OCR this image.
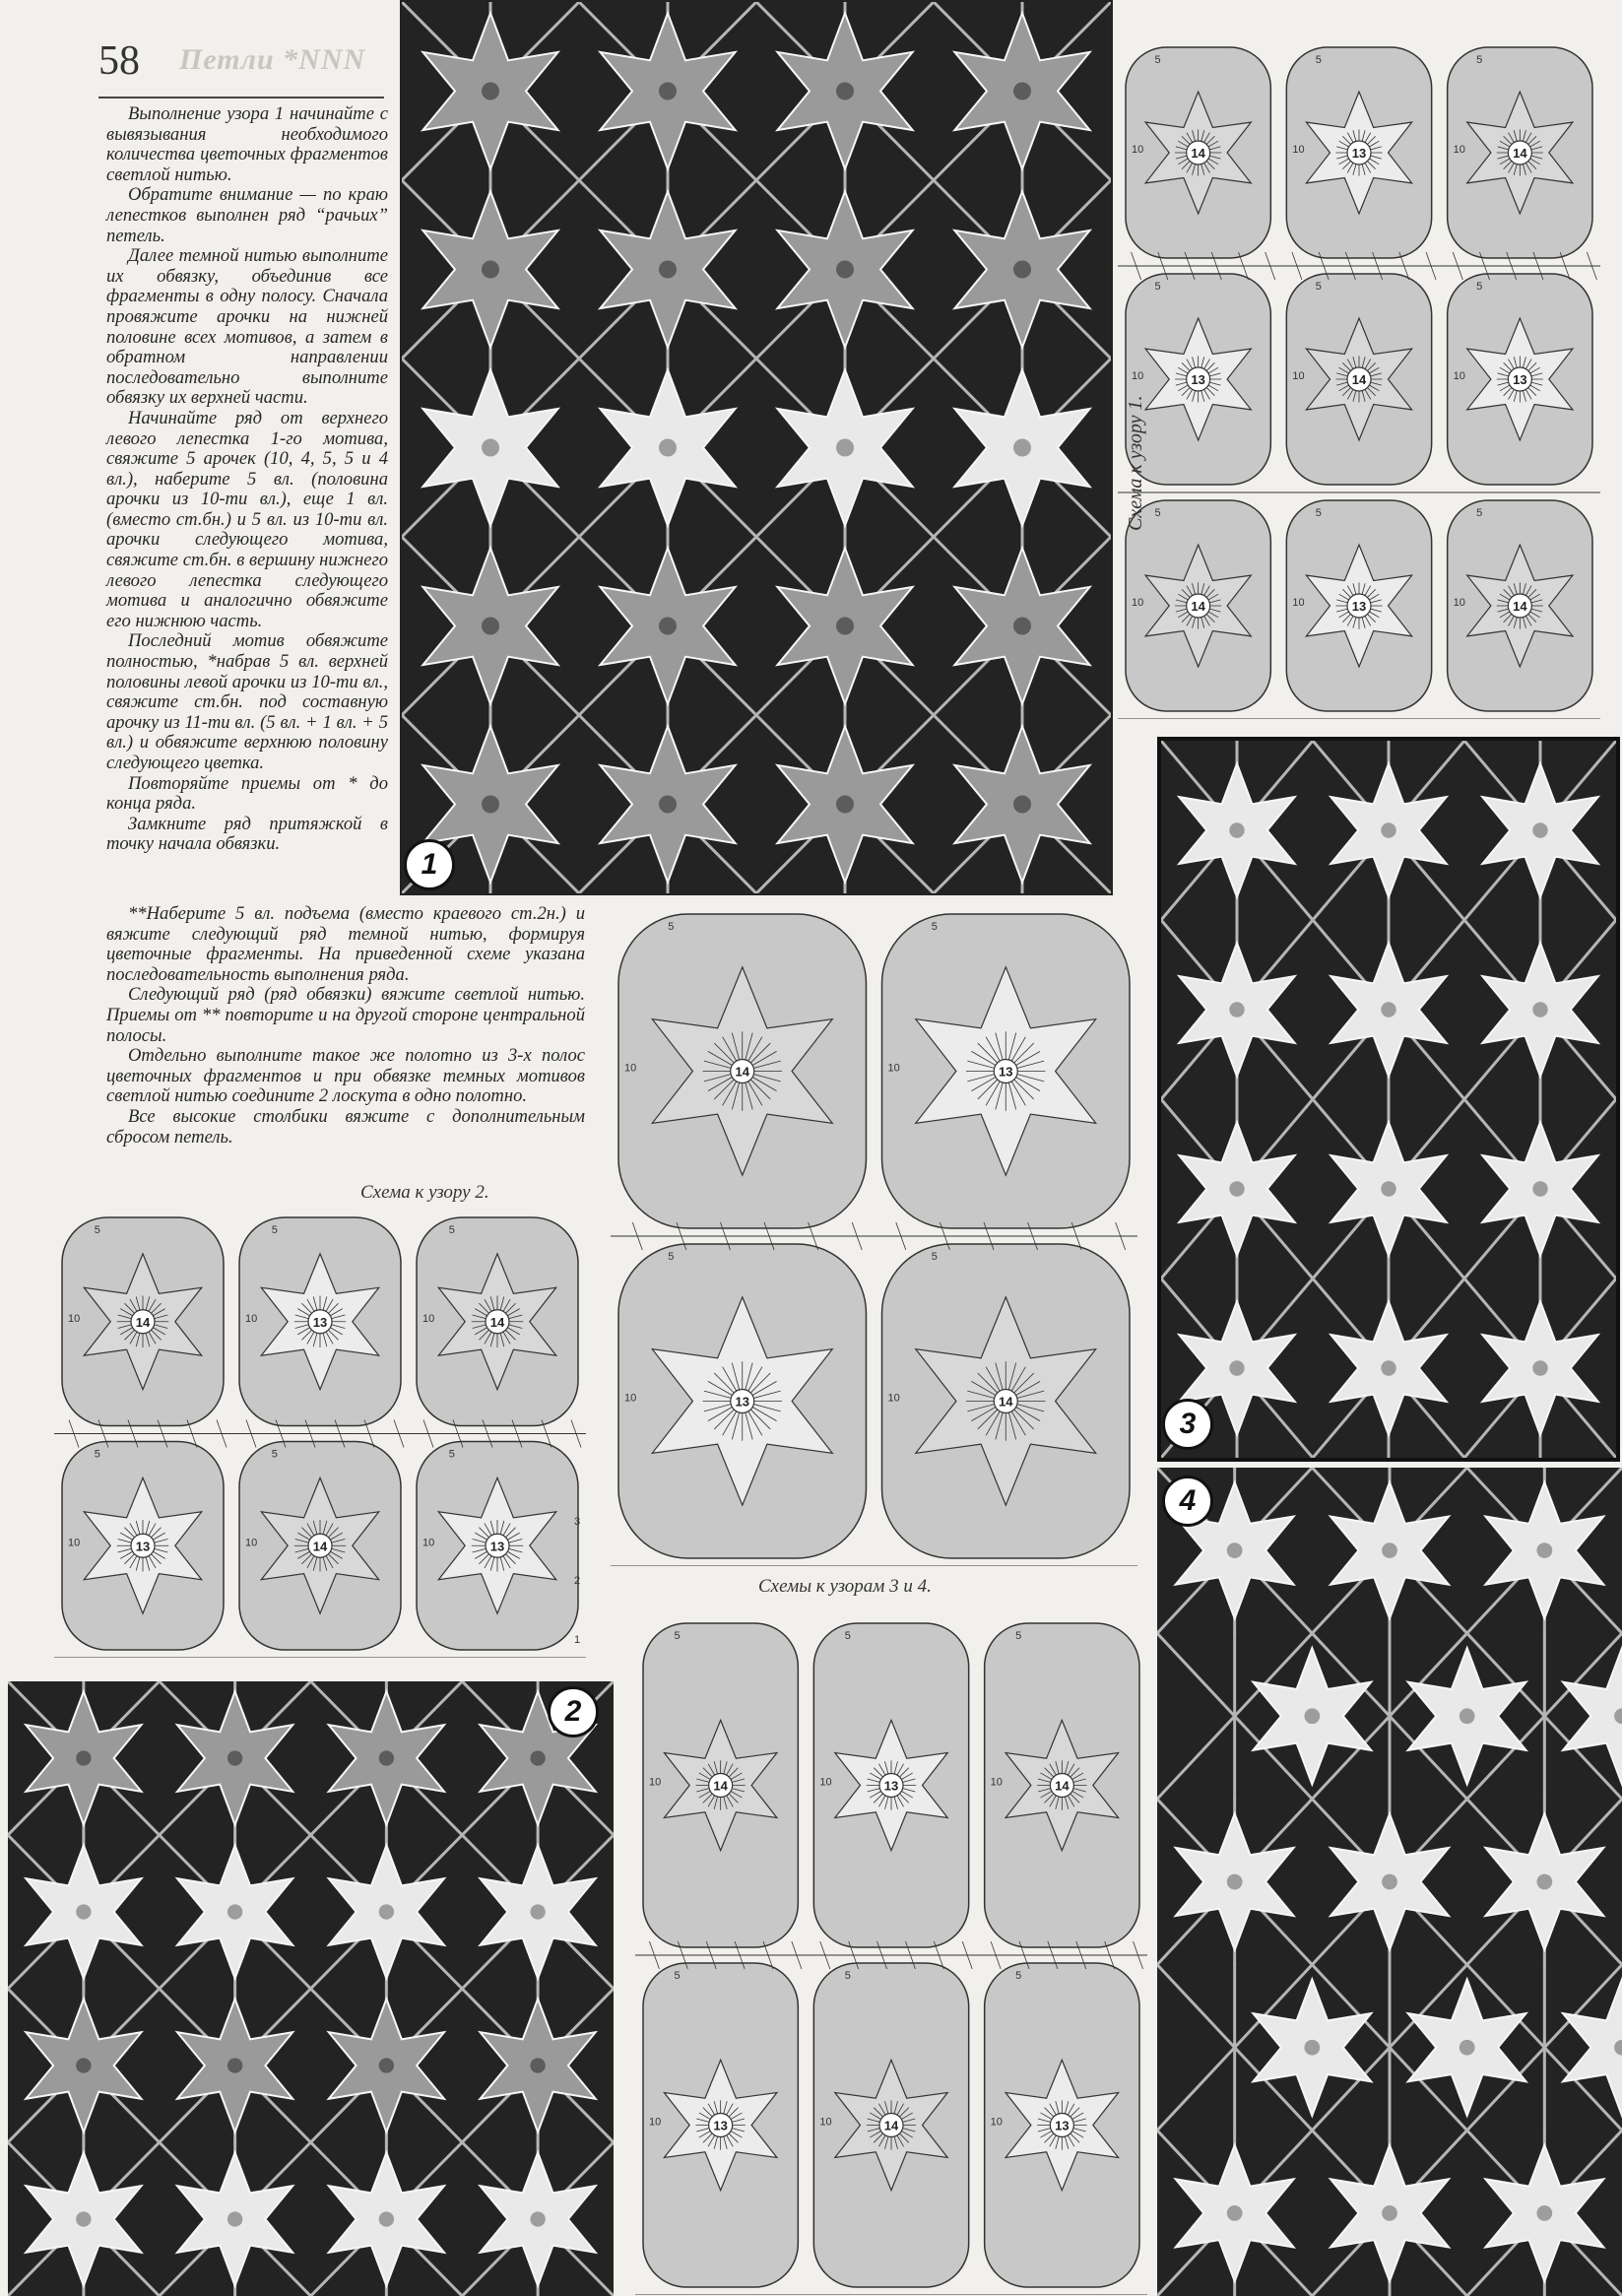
58 Петли *NNN

Выполнение узора 1 начинайте с вывязывания необходимого количества цветочных фрагментов светлой нитью.

Обратите внимание — по краю лепестков выполнен ряд “рачьих” петель.

Далее темной нитью выполните их обвязку, объединив все фрагменты в одну полосу. Сначала провяжите арочки на нижней половине всех мотивов, а затем в обратном направлении последовательно выполните обвязку их верхней части.

Начинайте ряд от верхнего левого лепестка 1-го мотива, свяжите 5 арочек (10, 4, 5, 5 и 4 вл.), наберите 5 вл. (половина арочки из 10-ти вл.), еще 1 вл. (вместо ст.бн.) и 5 вл. из 10-ти вл. арочки следующего мотива, свяжите ст.бн. в вершину нижнего левого лепестка следующего мотива и аналогично обвяжите его нижнюю часть.

Последний мотив обвяжите полностью, *набрав 5 вл. верхней половины левой арочки из 10-ти вл., свяжите ст.бн. под составную арочку из 11-ти вл. (5 вл. + 1 вл. + 5 вл.) и обвяжите верхнюю половину следующего цветка.

Повторяйте приемы от * до конца ряда.

Замкните ряд притяжкой в точку начала обвязки.

**Наберите 5 вл. подъема (вместо краевого ст.2н.) и вяжите следующий ряд темной нитью, формируя цветочные фрагменты. На приведенной схеме указана последовательность выполнения ряда.

Следующий ряд (ряд обвязки) вяжите светлой нитью. Приемы от ** повторите и на другой стороне центральной полосы.

Отдельно выполните такое же полотно из 3-х полос цветочных фрагментов и при обвязке темных мотивов светлой нитью соедините 2 лоскута в одно полотно.

Все высокие столбики вяжите с дополнительным сбросом петель.

1
14
5
10	13
5
10	14
5
10
13
5
10	14
5
10	13
5
10
14
5
10	13
5
10	14
5
10
Схема к узору 1.
3
4
14
5
10	13
5
10
13
5
10	14
5
10
Схемы к узорам 3 и 4.
14
5
10	13
5
10	14
5
10
13
5
10	14
5
10	13
5
10
Схема к узору 2.
14
5
10	13
5
10	14
5
10
13
5
10	14
5
10	13
5
10
1
2
3
2
